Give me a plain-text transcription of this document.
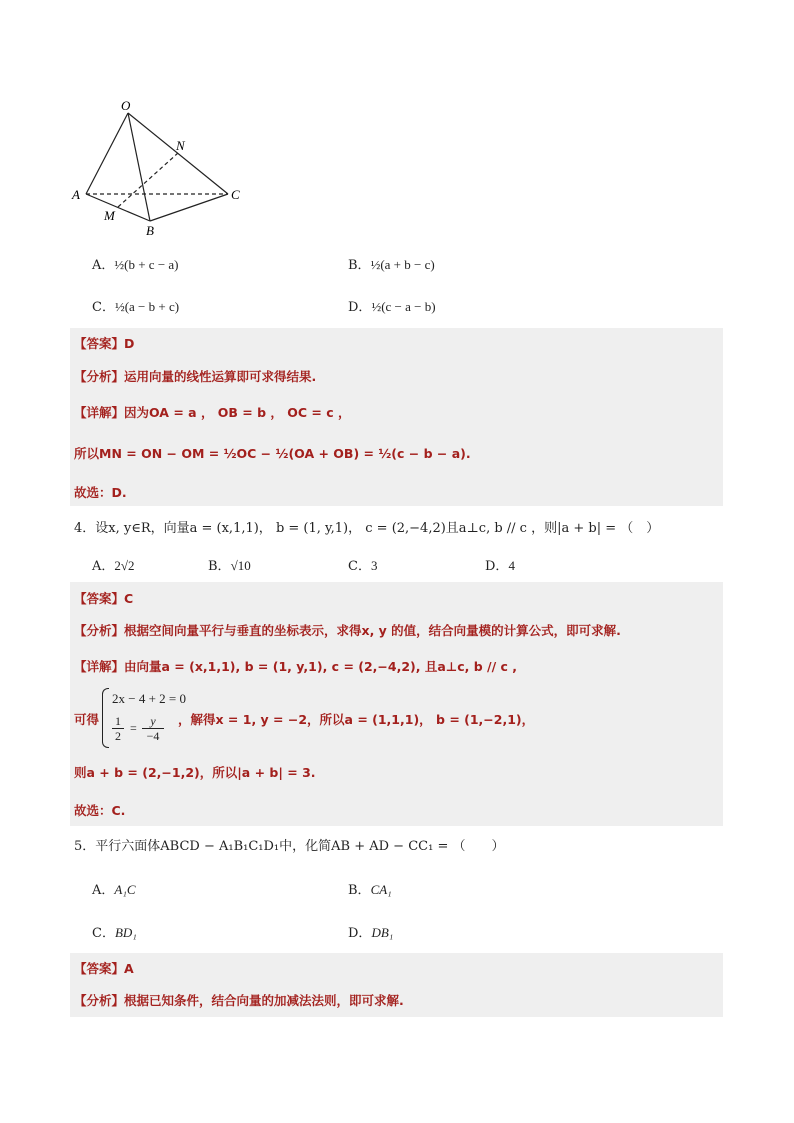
O
N
A	C
M
B
A．½(b + c − a)	B．½(a + b − c)
C．½(a − b + c)	D．½(c − a − b)
【答案】D
【分析】运用向量的线性运算即可求得结果.
【详解】因为OA = a ， OB = b ， OC = c ，
所以MN = ON − OM = ½OC − ½(OA + OB) = ½(c − b − a).
故选：D.
4．设x, y∈R，向量a = (x,1,1)， b = (1, y,1)， c = (2,−4,2)且a⊥c, b // c ，则|a + b| = （　）
A．2√2	B．√10	C．3	D．4
【答案】C
【分析】根据空间向量平行与垂直的坐标表示，求得x, y 的值，结合向量模的计算公式，即可求解.
【详解】由向量a = (x,1,1), b = (1, y,1), c = (2,−4,2), 且a⊥c, b // c ,
可得
2x − 4 + 2 = 0
1
2
=	y
−4
，解得x = 1, y = −2，所以a = (1,1,1)， b = (1,−2,1)，
则a + b = (2,−1,2)，所以|a + b| = 3.
故选：C.
5．平行六面体ABCD − A₁B₁C₁D₁中，化简AB + AD − CC₁ = （　　）
A．A₁C	B．CA₁
C．BD₁	D．DB₁
【答案】A
【分析】根据已知条件，结合向量的加减法法则，即可求解.
